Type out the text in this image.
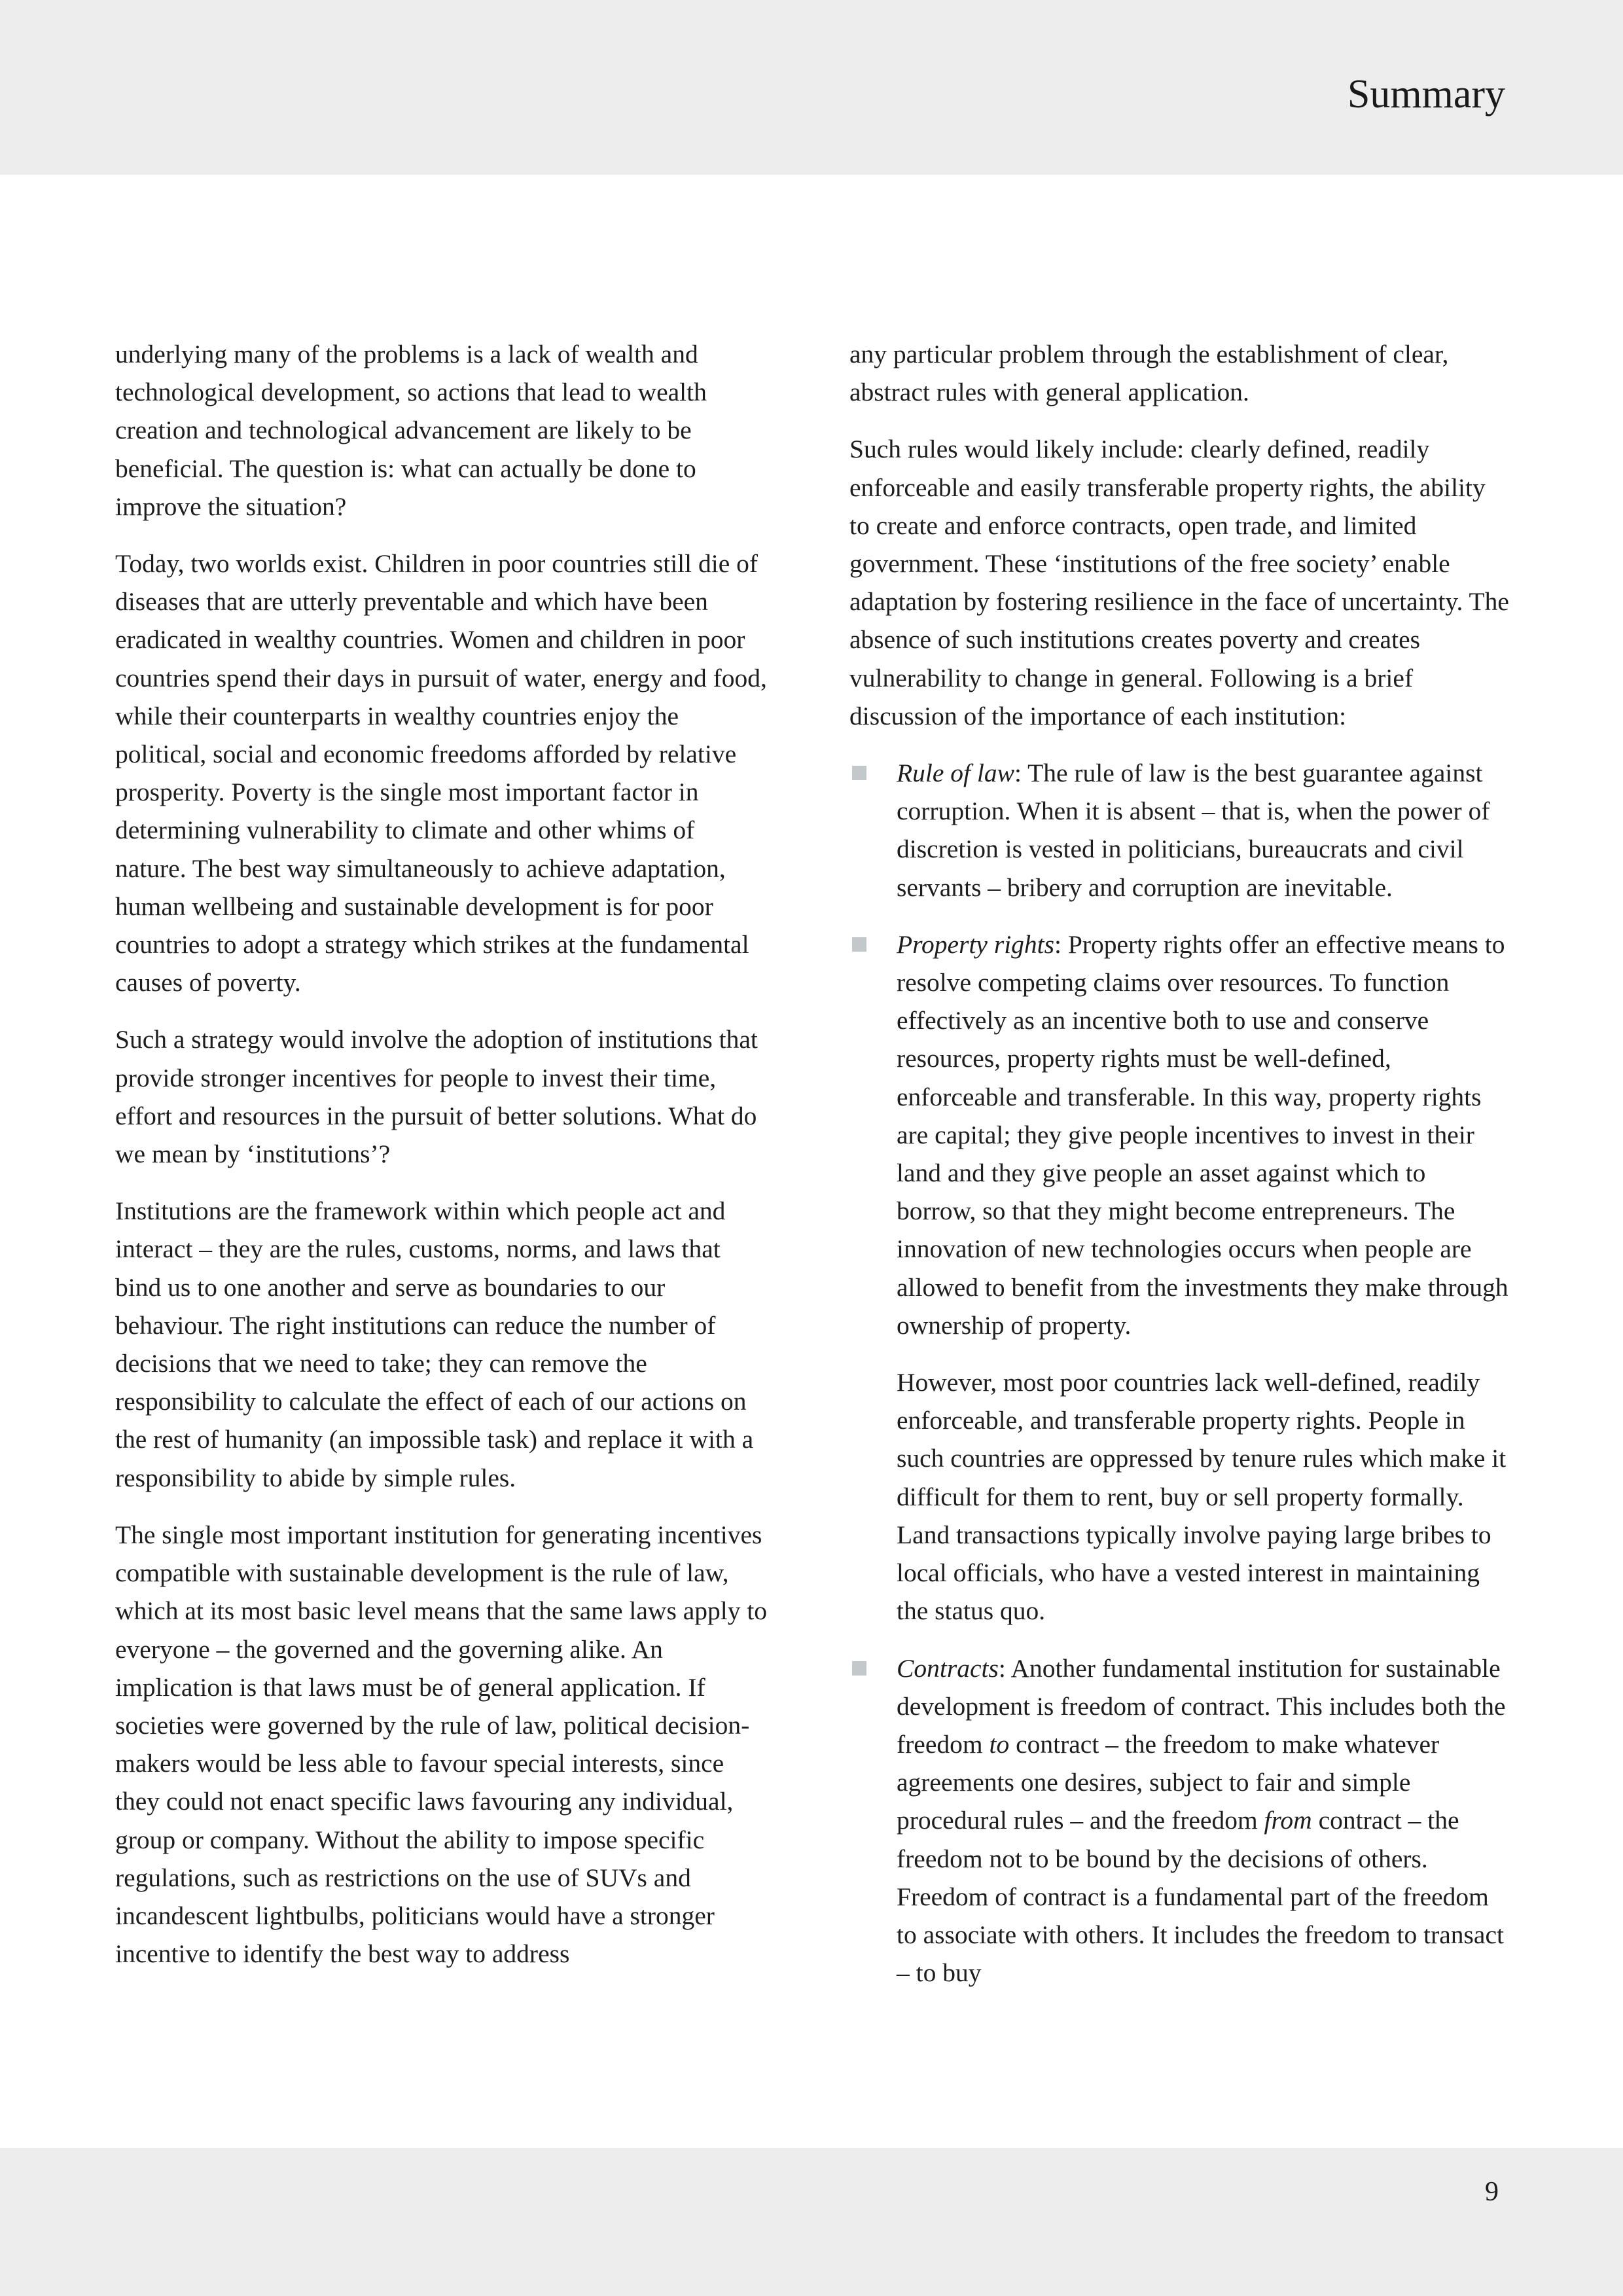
Summary

underlying many of the problems is a lack of wealth and technological development, so actions that lead to wealth creation and technological advancement are likely to be beneficial. The question is: what can actually be done to improve the situation?

Today, two worlds exist. Children in poor countries still die of diseases that are utterly preventable and which have been eradicated in wealthy countries. Women and children in poor countries spend their days in pursuit of water, energy and food, while their counterparts in wealthy countries enjoy the political, social and economic freedoms afforded by relative prosperity. Poverty is the single most important factor in determining vulnerability to climate and other whims of nature. The best way simultaneously to achieve adaptation, human wellbeing and sustainable development is for poor countries to adopt a strategy which strikes at the fundamental causes of poverty.

Such a strategy would involve the adoption of institutions that provide stronger incentives for people to invest their time, effort and resources in the pursuit of better solutions. What do we mean by ‘institutions’?

Institutions are the framework within which people act and interact – they are the rules, customs, norms, and laws that bind us to one another and serve as boundaries to our behaviour. The right institutions can reduce the number of decisions that we need to take; they can remove the responsibility to calculate the effect of each of our actions on the rest of humanity (an impossible task) and replace it with a responsibility to abide by simple rules.

The single most important institution for generating incentives compatible with sustainable development is the rule of law, which at its most basic level means that the same laws apply to everyone – the governed and the governing alike. An implication is that laws must be of general application. If societies were governed by the rule of law, political decision-makers would be less able to favour special interests, since they could not enact specific laws favouring any individual, group or company. Without the ability to impose specific regulations, such as restrictions on the use of SUVs and incandescent lightbulbs, politicians would have a stronger incentive to identify the best way to address

any particular problem through the establishment of clear, abstract rules with general application.

Such rules would likely include: clearly defined, readily enforceable and easily transferable property rights, the ability to create and enforce contracts, open trade, and limited government. These ‘institutions of the free society’ enable adaptation by fostering resilience in the face of uncertainty. The absence of such institutions creates poverty and creates vulnerability to change in general. Following is a brief discussion of the importance of each institution:

Rule of law: The rule of law is the best guarantee against corruption. When it is absent – that is, when the power of discretion is vested in politicians, bureaucrats and civil servants – bribery and corruption are inevitable.
Property rights: Property rights offer an effective means to resolve competing claims over resources. To function effectively as an incentive both to use and conserve resources, property rights must be well-defined, enforceable and transferable. In this way, property rights are capital; they give people incentives to invest in their land and they give people an asset against which to borrow, so that they might become entrepreneurs. The innovation of new technologies occurs when people are allowed to benefit from the investments they make through ownership of property.

However, most poor countries lack well-defined, readily enforceable, and transferable property rights. People in such countries are oppressed by tenure rules which make it difficult for them to rent, buy or sell property formally. Land transactions typically involve paying large bribes to local officials, who have a vested interest in maintaining the status quo.

Contracts: Another fundamental institution for sustainable development is freedom of contract. This includes both the freedom to contract – the freedom to make whatever agreements one desires, subject to fair and simple procedural rules – and the freedom from contract – the freedom not to be bound by the decisions of others. Freedom of contract is a fundamental part of the freedom to associate with others. It includes the freedom to transact – to buy
9
